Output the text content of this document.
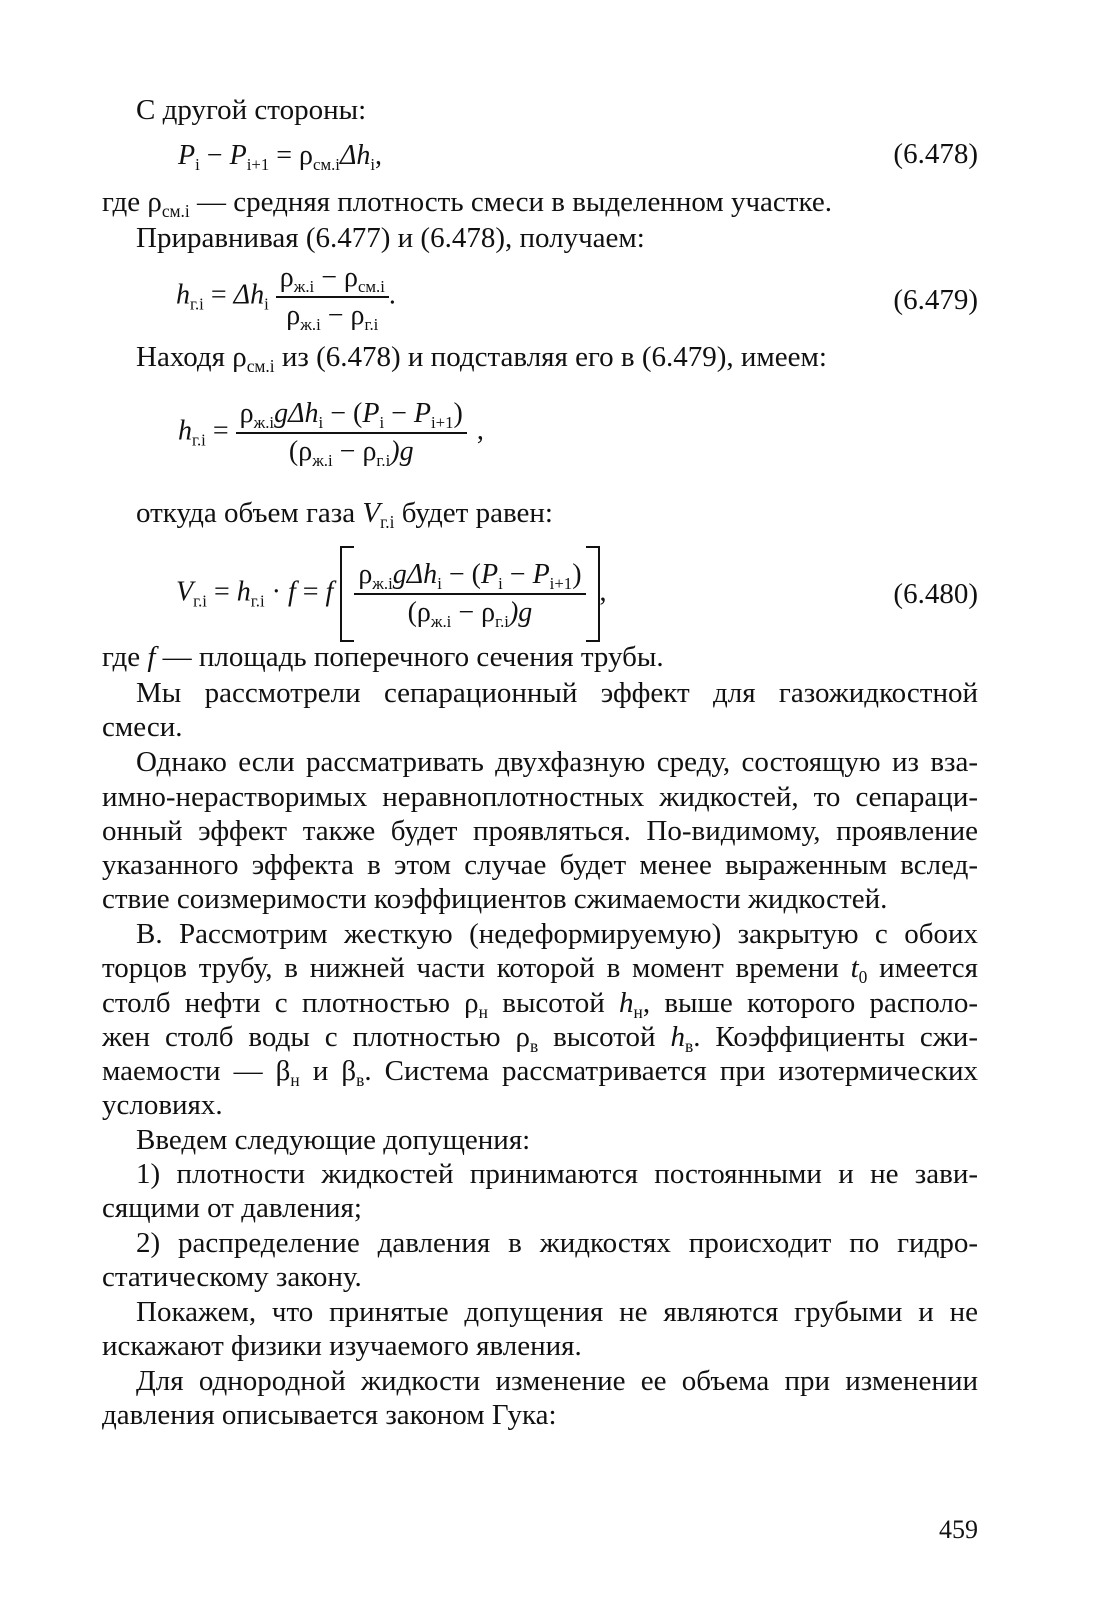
С другой стороны:
$P_i - P_{i+1} = \rho_{см.i}\Delta h_i$,	(6.478)
где $\rho_{см.i}$ — средняя плотность смеси в выделенном участке.
Приравнивая (6.477) и (6.478), получаем:
$h_{г.i} = \Delta h_i \frac{\rho_{ж.i} - \rho_{см.i}}{\rho_{ж.i} - \rho_{г.i}}$ .	(6.479)
Находя $\rho_{см.i}$ из (6.478) и подставляя его в (6.479), имеем:
$h_{г.i} = \frac{\rho_{ж.i}g\Delta h_i - (P_i - P_{i+1})}{(\rho_{ж.i} - \rho_{г.i})g}$ ,
откуда объем газа $V_{г.i}$ будет равен:
$V_{г.i} = h_{г.i} \cdot f = f \frac{\rho_{ж.i}g\Delta h_i - (P_i - P_{i+1})}{(\rho_{ж.i} - \rho_{г.i})g}$ ,	(6.480)
где f — площадь поперечного сечения трубы.
Мы рассмотрели сепарационный эффект для газожидкостной
смеси.
Однако если рассматривать двухфазную среду, состоящую из вза-
имно-нерастворимых неравноплотностных жидкостей, то сепараци-
онный эффект также будет проявляться. По-видимому, проявление
указанного эффекта в этом случае будет менее выраженным вслед-
ствие соизмеримости коэффициентов сжимаемости жидкостей.
В. Рассмотрим жесткую (недеформируемую) закрытую с обоих
торцов трубу, в нижней части которой в момент времени $t_0$ имеется
столб нефти с плотностью $\rho_н$ высотой $h_н$, выше которого располо-
жен столб воды с плотностью $\rho_в$ высотой $h_в$. Коэффициенты сжи-
маемости — $\beta_н$ и $\beta_в$. Система рассматривается при изотермических
условиях.
Введем следующие допущения:
1) плотности жидкостей принимаются постоянными и не зави-
сящими от давления;
2) распределение давления в жидкостях происходит по гидро-
статическому закону.
Покажем, что принятые допущения не являются грубыми и не
искажают физики изучаемого явления.
Для однородной жидкости изменение ее объема при изменении
давления описывается законом Гука:
459
